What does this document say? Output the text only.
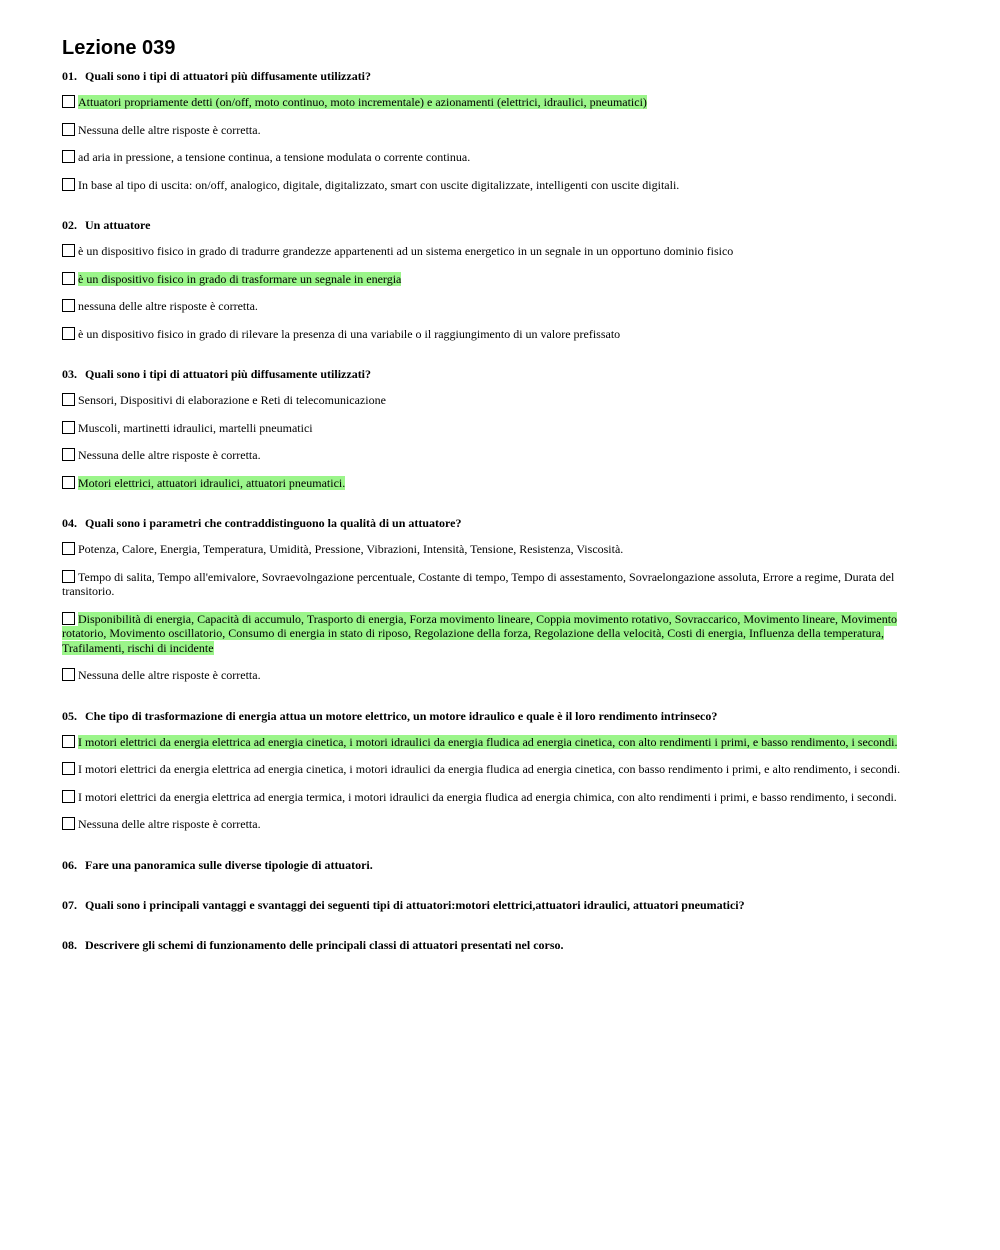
Lezione 039
01. Quali sono i tipi di attuatori più diffusamente utilizzati?
Attuatori propriamente detti (on/off, moto continuo, moto incrementale) e azionamenti (elettrici, idraulici, pneumatici)
Nessuna delle altre risposte è corretta.
ad aria in pressione, a tensione continua, a tensione modulata o corrente continua.
In base al tipo di uscita: on/off, analogico, digitale, digitalizzato, smart con uscite digitalizzate, intelligenti con uscite digitali.
02. Un attuatore
è un dispositivo fisico in grado di tradurre grandezze appartenenti ad un sistema energetico in un segnale in un opportuno dominio fisico
è un dispositivo fisico in grado di trasformare un segnale in energia
nessuna delle altre risposte è corretta.
è un dispositivo fisico in grado di rilevare la presenza di una variabile o il raggiungimento di un valore prefissato
03. Quali sono i tipi di attuatori più diffusamente utilizzati?
Sensori, Dispositivi di elaborazione e Reti di telecomunicazione
Muscoli, martinetti idraulici, martelli pneumatici
Nessuna delle altre risposte è corretta.
Motori elettrici, attuatori idraulici, attuatori pneumatici.
04. Quali sono i parametri che contraddistinguono la qualità di un attuatore?
Potenza, Calore, Energia, Temperatura, Umidità, Pressione, Vibrazioni, Intensità, Tensione, Resistenza, Viscosità.
Tempo di salita, Tempo all'emivalore, Sovraevolngazione percentuale, Costante di tempo, Tempo di assestamento, Sovraelongazione assoluta, Errore a regime, Durata del transitorio.
Disponibilità di energia, Capacità di accumulo, Trasporto di energia, Forza movimento lineare, Coppia movimento rotativo, Sovraccarico, Movimento lineare, Movimento rotatorio, Movimento oscillatorio, Consumo di energia in stato di riposo, Regolazione della forza, Regolazione della velocità, Costi di energia, Influenza della temperatura, Trafilamenti, rischi di incidente
Nessuna delle altre risposte è corretta.
05. Che tipo di trasformazione di energia attua un motore elettrico, un motore idraulico e quale è il loro rendimento intrinseco?
I motori elettrici da energia elettrica ad energia cinetica, i motori idraulici da energia fludica ad energia cinetica, con alto rendimenti i primi, e basso rendimento, i secondi.
I motori elettrici da energia elettrica ad energia cinetica, i motori idraulici da energia fludica ad energia cinetica, con basso rendimento i primi, e alto rendimento, i secondi.
I motori elettrici da energia elettrica ad energia termica, i motori idraulici da energia fludica ad energia chimica, con alto rendimenti i primi, e basso rendimento, i secondi.
Nessuna delle altre risposte è corretta.
06. Fare una panoramica sulle diverse tipologie di attuatori.
07. Quali sono i principali vantaggi e svantaggi dei seguenti tipi di attuatori:motori elettrici,attuatori idraulici, attuatori pneumatici?
08. Descrivere gli schemi di funzionamento delle principali classi di attuatori presentati nel corso.
